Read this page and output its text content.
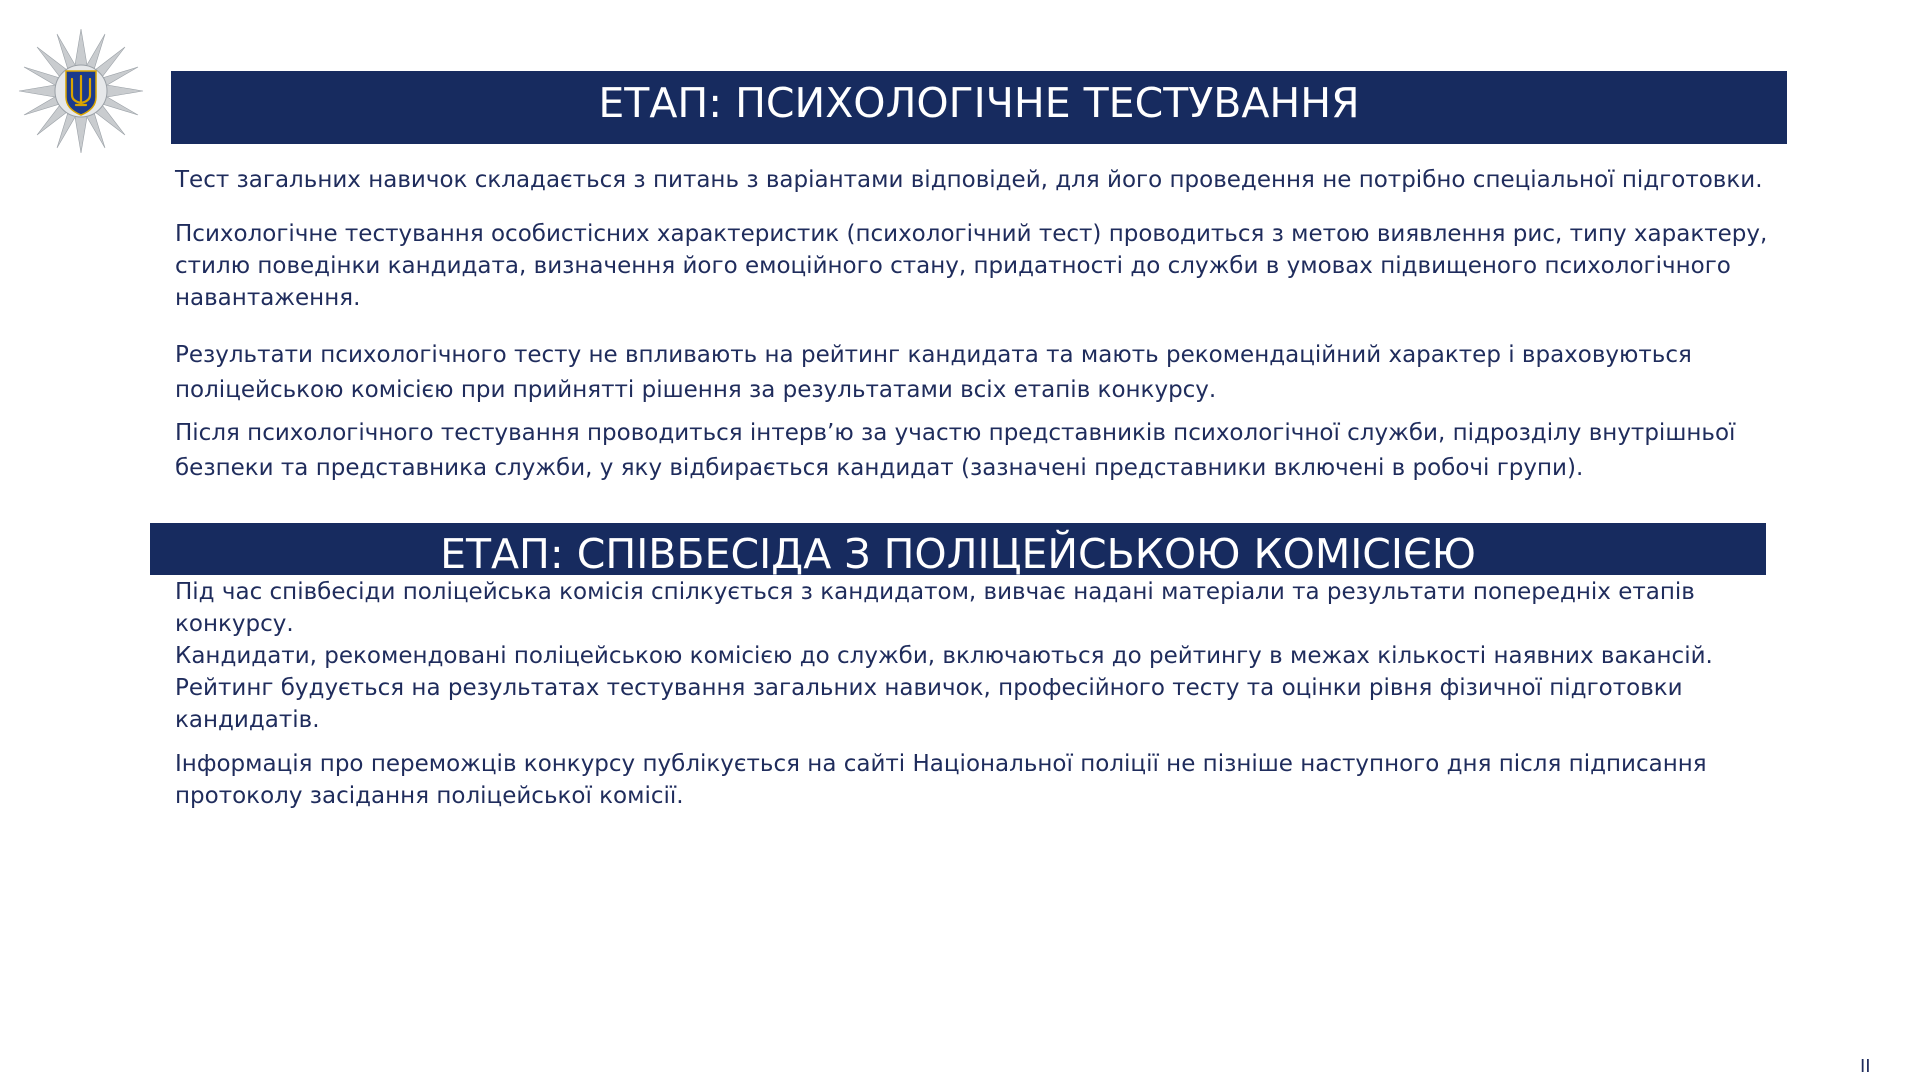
ЕТАП: ПСИХОЛОГІЧНЕ ТЕСТУВАННЯ

Тест загальних навичок складається з питань з варіантами відповідей, для його проведення не потрібно спеціальної підготовки.

Психологічне тестування особистісних характеристик (психологічний тест) проводиться з метою виявлення рис, типу характеру, стилю поведінки кандидата, визначення його емоційного стану, придатності до служби в умовах підвищеного психологічного навантаження.

Результати психологічного тесту не впливають на рейтинг кандидата та мають рекомендаційний характер і враховуються поліцейською комісією при прийнятті рішення за результатами всіх етапів конкурсу.

Після психологічного тестування проводиться інтерв’ю за участю представників психологічної служби, підрозділу внутрішньої безпеки та представника служби, у яку відбирається кандидат (зазначені представники включені в робочі групи).

ЕТАП: СПІВБЕСІДА З ПОЛІЦЕЙСЬКОЮ КОМІСІЄЮ

Під час співбесіди поліцейська комісія спілкується з кандидатом, вивчає надані матеріали та результати попередніх етапів конкурсу.

Кандидати, рекомендовані поліцейською комісією до служби, включаються до рейтингу в межах кількості наявних вакансій.

Рейтинг будується на результатах тестування загальних навичок, професійного тесту та оцінки рівня фізичної підготовки кандидатів.

Інформація про переможців конкурсу публікується на сайті Національної поліції не пізніше наступного дня після підписання протоколу засідання поліцейської комісії.

ІІ
